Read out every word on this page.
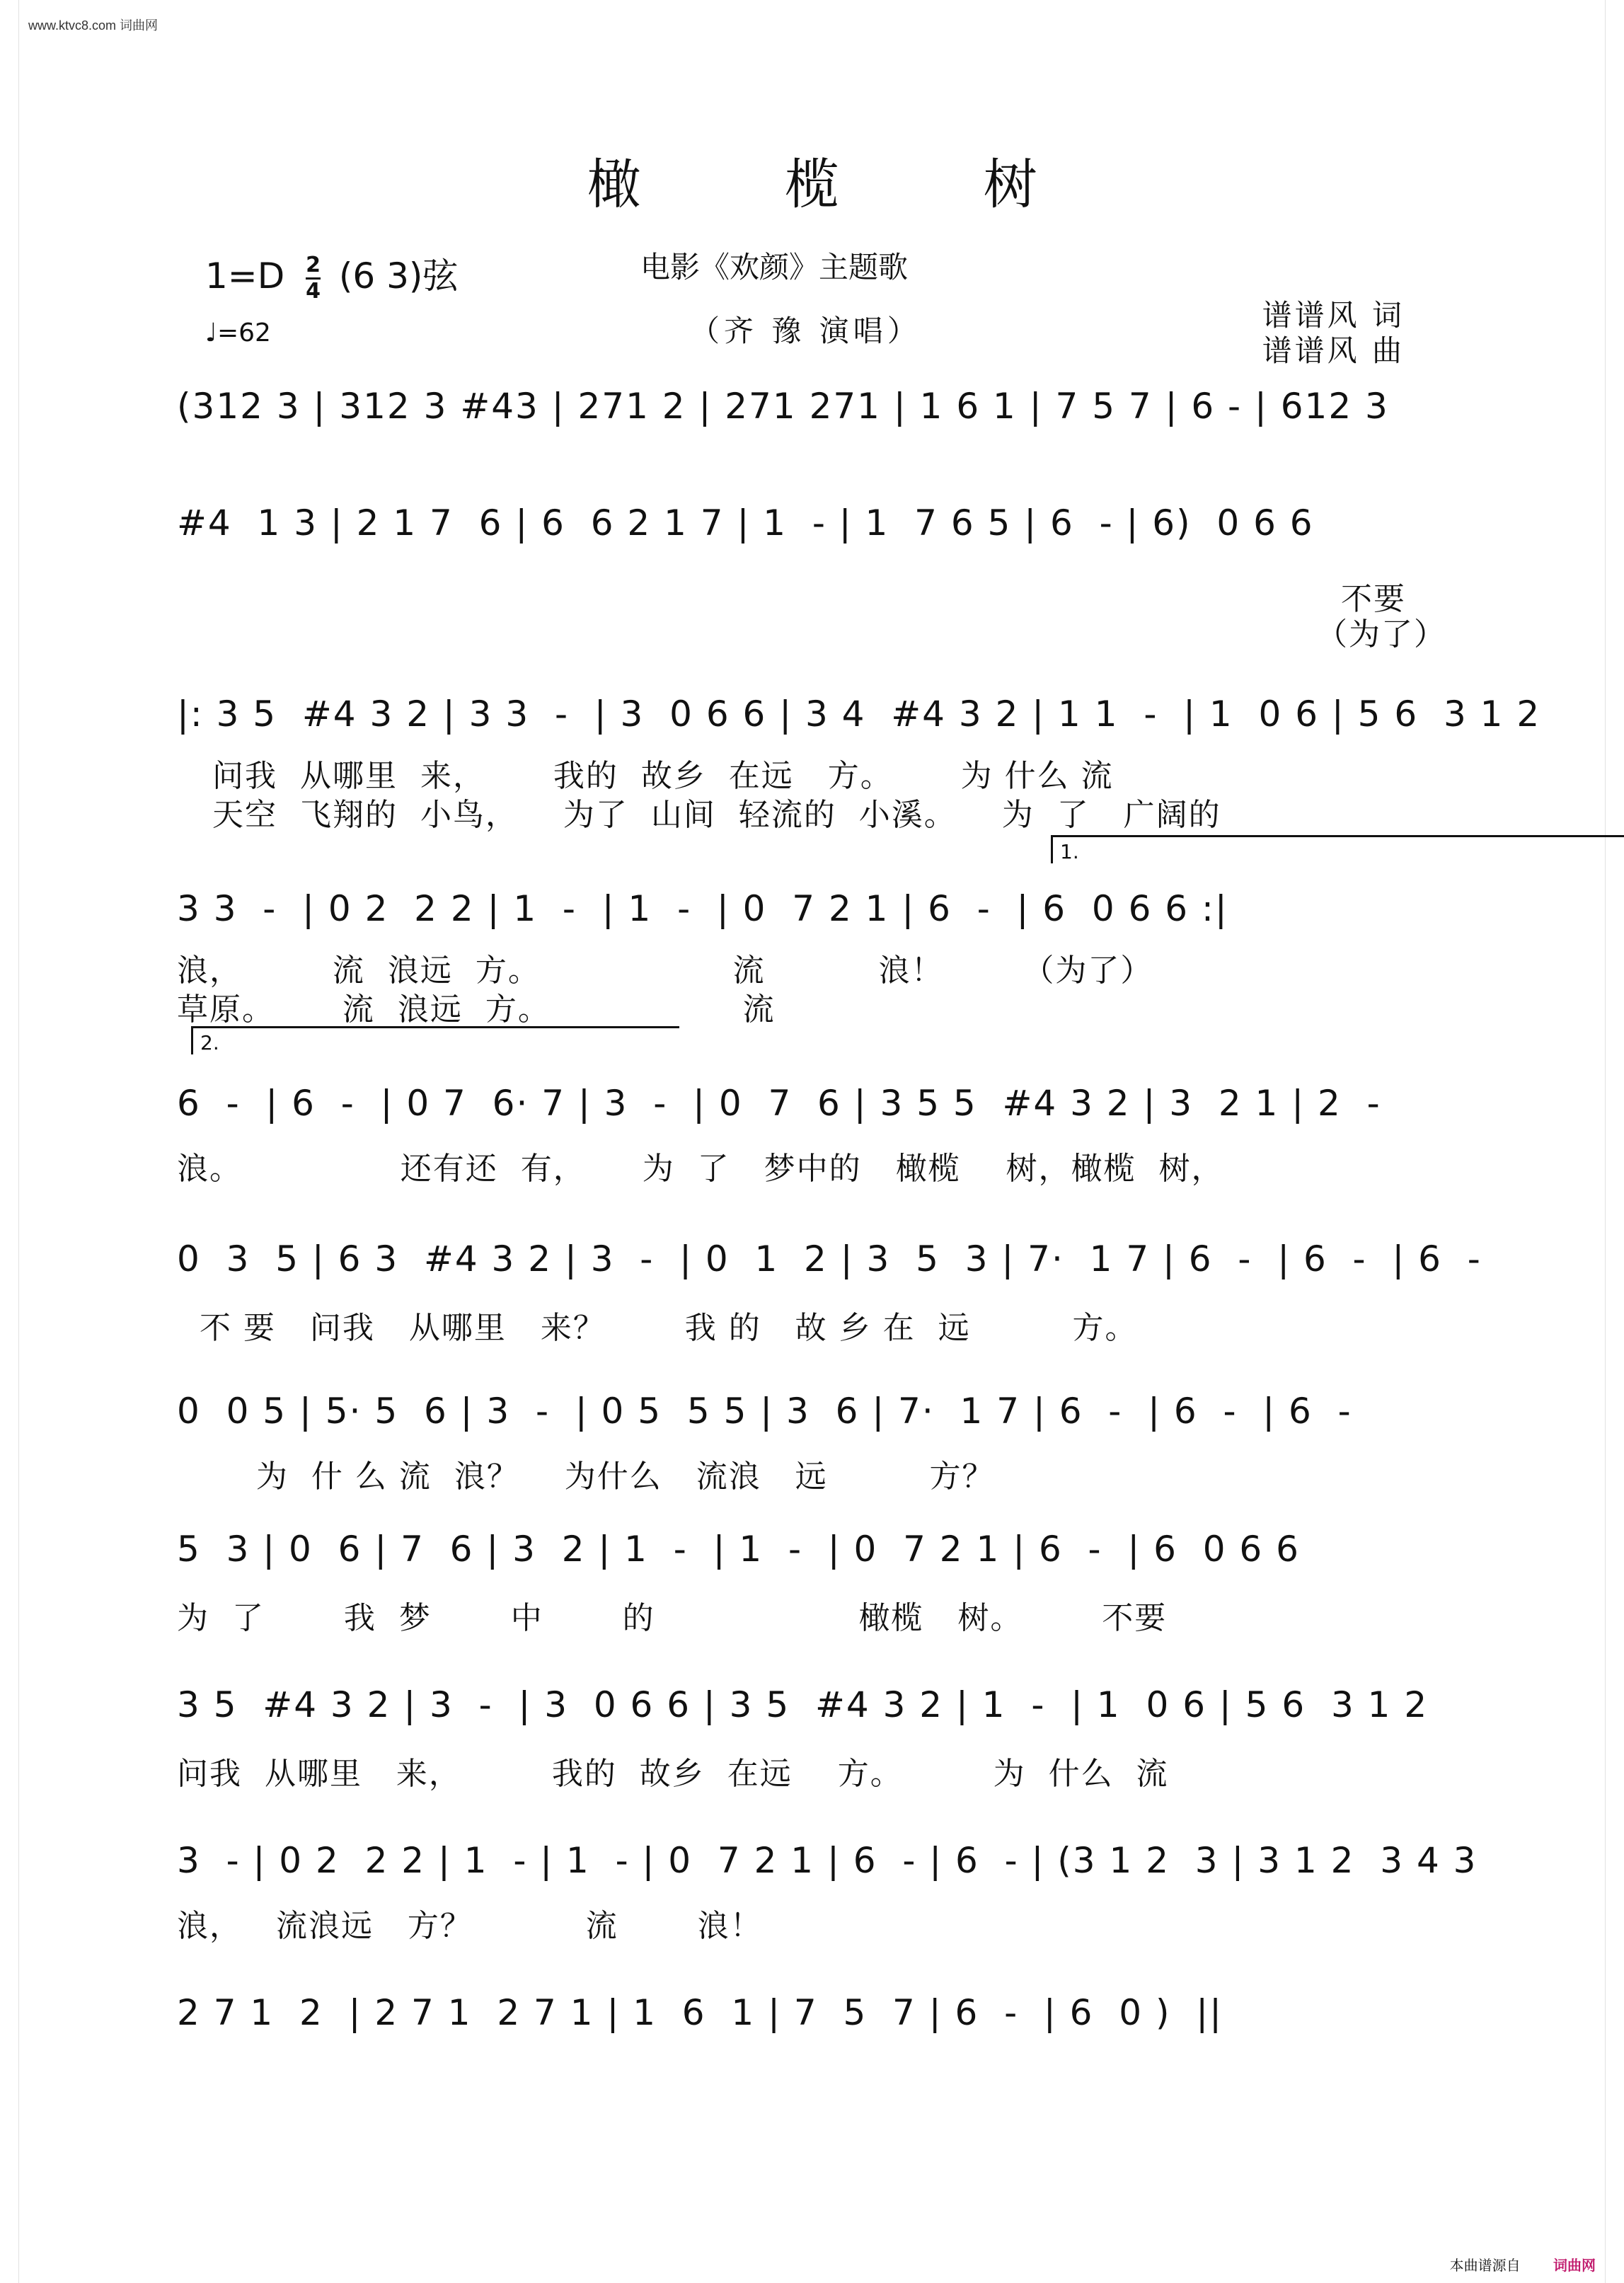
www.ktvc8.com 词曲网
橄 榄 树
$1=D \frac{2}{4} (6$ 3)弦
♩=62
电影《欢颜》主题歌
（齐 豫 演唱）	谱谱风 词
谱谱风 曲
(312 3 | 312 3 #43 | 271 2 | 271 271 | 1 6 1 | 7 5 7 | 6 - | 612 3
#4  1 3 | 2 1 7  6 | 6  6 2 1 7 | 1  - | 1  7 6 5 | 6  - | 6)  0 6 6
不要
（为了）
|: 3 5  #4 3 2 | 3 3  -  | 3  0 6 6 | 3 4  #4 3 2 | 1 1  -  | 1  0 6 | 5 6  3 1 2
问我  从哪里  来，      我的  故乡  在远   方。      为 什么 流
天空  飞翔的  小鸟，    为了  山间  轻流的  小溪。    为  了   广阔的
3 3  -  | 0 2  2 2 | 1  -  | 1  -  | 0  7 2 1 | 6  -  | 6  0 6 6 :|
浪，        流  浪远  方。                 流          浪！       （为了）
草原。      流  浪远  方。                 流
1.
6  -  | 6  -  | 0 7  6· 7 | 3  -  | 0  7  6 | 3 5 5  #4 3 2 | 3  2 1 | 2  -
浪。              还有还  有，     为  了   梦中的   橄榄    树，橄榄  树，
2.
0  3  5 | 6 3  #4 3 2 | 3  -  | 0  1  2 | 3  5  3 | 7·  1 7 | 6  -  | 6  -  | 6  -
不 要   问我   从哪里   来？       我 的   故 乡 在  远         方。
0  0 5 | 5· 5  6 | 3  -  | 0 5  5 5 | 3  6 | 7·  1 7 | 6  -  | 6  -  | 6  -
为  什 么 流  浪？    为什么   流浪   远         方？
5  3 | 0  6 | 7  6 | 3  2 | 1  -  | 1  -  | 0  7 2 1 | 6  -  | 6  0 6 6
为  了       我  梦       中       的                  橄榄   树。       不要
3 5  #4 3 2 | 3  -  | 3  0 6 6 | 3 5  #4 3 2 | 1  -  | 1  0 6 | 5 6  3 1 2
问我  从哪里   来，        我的  故乡  在远    方。        为  什么  流
3  - | 0 2  2 2 | 1  - | 1  - | 0  7 2 1 | 6  - | 6  - | (3 1 2  3 | 3 1 2  3 4 3
浪，   流浪远   方？          流       浪！
2 7 1  2  | 2 7 1  2 7 1 | 1  6  1 | 7  5  7 | 6  -  | 6  0 )  ||
本曲谱源自 词曲网
